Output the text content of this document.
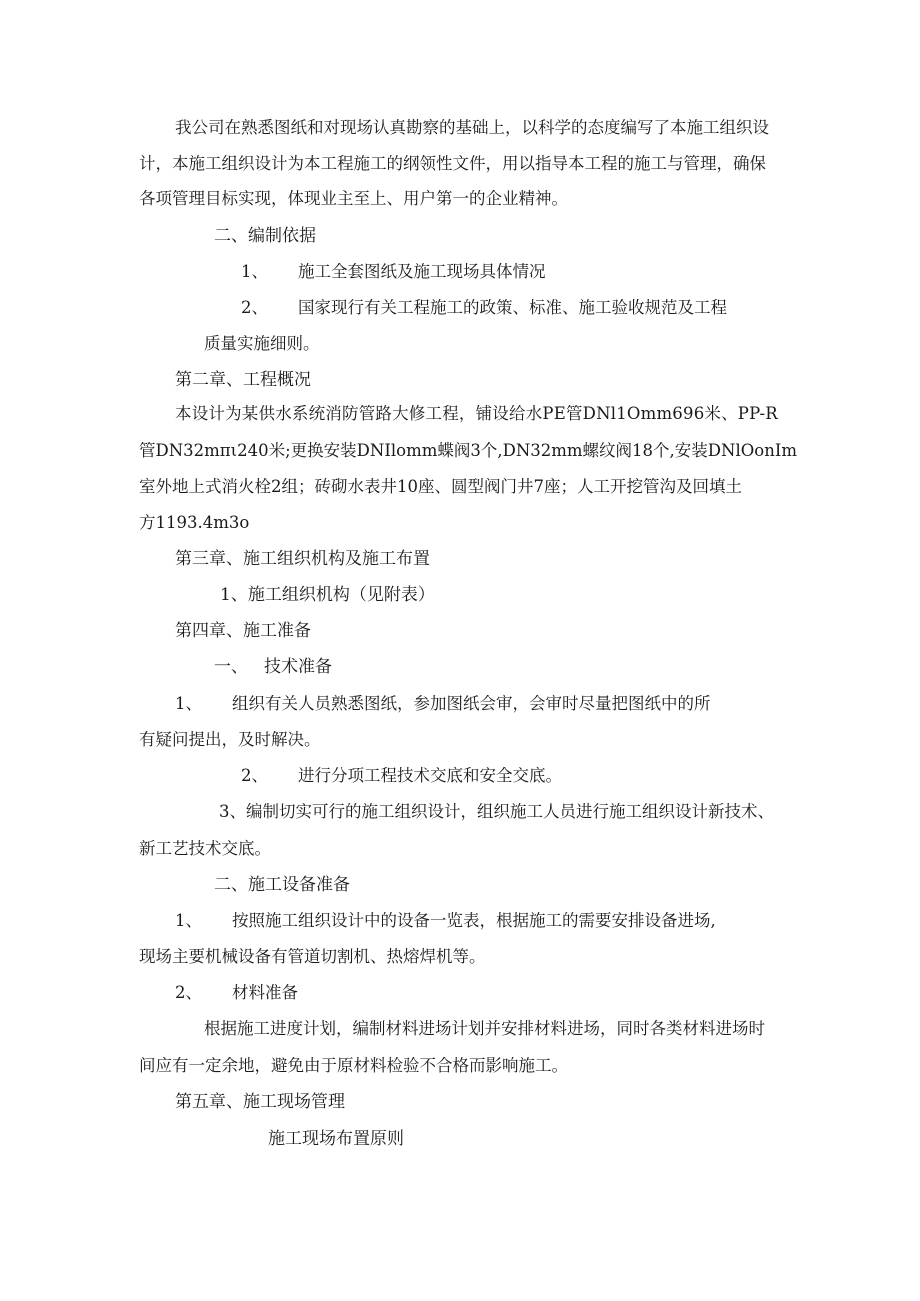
我公司在熟悉图纸和对现场认真勘察的基础上，以科学的态度编写了本施工组织设
计，本施工组织设计为本工程施工的纲领性文件，用以指导本工程的施工与管理，确保
各项管理目标实现，体现业主至上、用户第一的企业精神。
二、编制依据
1、 施工全套图纸及施工现场具体情况
2、 国家现行有关工程施工的政策、标准、施工验收规范及工程
质量实施细则。
第二章、工程概况
本设计为某供水系统消防管路大修工程，铺设给水PE管DNl1Omm696米、PP-R
管DN32mπι240米;更换安装DNIlomm蝶阀3个,DN32mm螺纹阀18个,安装DNlOonIm
室外地上式消火栓2组；砖砌水表井10座、圆型阀门井7座；人工开挖管沟及回填土
方1193.4m3o
第三章、施工组织机构及施工布置
1、施工组织机构（见附表）
第四章、施工准备
一、 技术准备
1、 组织有关人员熟悉图纸，参加图纸会审，会审时尽量把图纸中的所
有疑问提出，及时解决。
2、 进行分项工程技术交底和安全交底。
3、编制切实可行的施工组织设计，组织施工人员进行施工组织设计新技术、
新工艺技术交底。
二、施工设备准备
1、 按照施工组织设计中的设备一览表，根据施工的需要安排设备进场,
现场主要机械设备有管道切割机、热熔焊机等。
2、 材料准备
根据施工进度计划，编制材料进场计划并安排材料进场，同时各类材料进场时
间应有一定余地，避免由于原材料检验不合格而影响施工。
第五章、施工现场管理
施工现场布置原则
